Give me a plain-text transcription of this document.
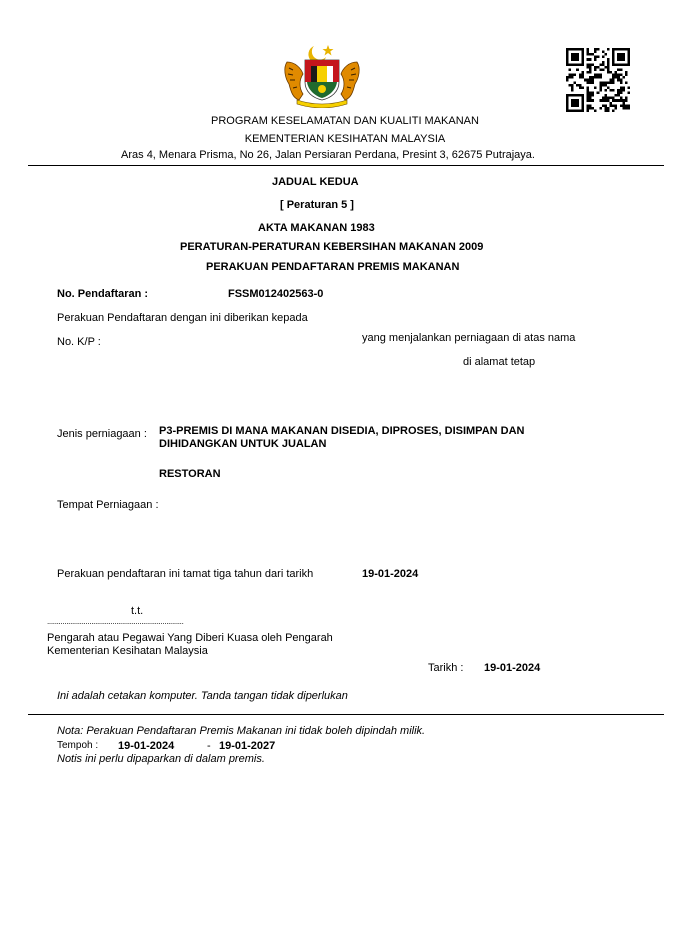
PROGRAM KESELAMATAN DAN KUALITI MAKANAN
KEMENTERIAN KESIHATAN MALAYSIA
Aras 4, Menara Prisma, No 26, Jalan Persiaran Perdana, Presint 3, 62675 Putrajaya.
JADUAL KEDUA
[ Peraturan 5 ]
AKTA MAKANAN 1983
PERATURAN-PERATURAN KEBERSIHAN MAKANAN 2009
PERAKUAN PENDAFTARAN PREMIS MAKANAN
No. Pendaftaran :	FSSM012402563-0
Perakuan Pendaftaran dengan ini diberikan kepada
No. K/P :	yang menjalankan perniagaan di atas nama
di alamat tetap
Jenis perniagaan : P3-PREMIS DI MANA MAKANAN DISEDIA, DIPROSES, DISIMPAN DAN
DIHIDANGKAN UNTUK JUALAN
RESTORAN
Tempat Perniagaan :
Perakuan pendaftaran ini tamat tiga tahun dari tarikh	19-01-2024
t.t.
.......................................................................
Pengarah atau Pegawai Yang Diberi Kuasa oleh Pengarah
Kementerian Kesihatan Malaysia
Tarikh : 19-01-2024
Ini adalah cetakan komputer. Tanda tangan tidak diperlukan
Nota: Perakuan Pendaftaran Premis Makanan ini tidak boleh dipindah milik.
Tempoh : 19-01-2024	- 19-01-2027
Notis ini perlu dipaparkan di dalam premis.
